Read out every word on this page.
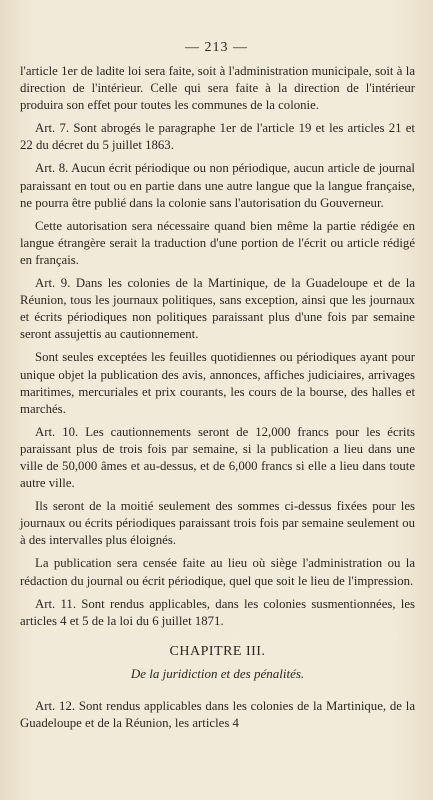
— 213 —

l'article 1er de ladite loi sera faite, soit à l'administration municipale, soit à la direction de l'intérieur. Celle qui sera faite à la direction de l'intérieur produira son effet pour toutes les communes de la colonie.

Art. 7. Sont abrogés le paragraphe 1er de l'article 19 et les articles 21 et 22 du décret du 5 juillet 1863.

Art. 8. Aucun écrit périodique ou non périodique, aucun article de journal paraissant en tout ou en partie dans une autre langue que la langue française, ne pourra être publié dans la colonie sans l'autorisation du Gouverneur.

Cette autorisation sera nécessaire quand bien même la partie rédigée en langue étrangère serait la traduction d'une portion de l'écrit ou article rédigé en français.

Art. 9. Dans les colonies de la Martinique, de la Guadeloupe et de la Réunion, tous les journaux politiques, sans exception, ainsi que les journaux et écrits périodiques non politiques paraissant plus d'une fois par semaine seront assujettis au cautionnement.

Sont seules exceptées les feuilles quotidiennes ou périodiques ayant pour unique objet la publication des avis, annonces, affiches judiciaires, arrivages maritimes, mercuriales et prix courants, les cours de la bourse, des halles et marchés.

Art. 10. Les cautionnements seront de 12,000 francs pour les écrits paraissant plus de trois fois par semaine, si la publication a lieu dans une ville de 50,000 âmes et au-dessus, et de 6,000 francs si elle a lieu dans toute autre ville.

Ils seront de la moitié seulement des sommes ci-dessus fixées pour les journaux ou écrits périodiques paraissant trois fois par semaine seulement ou à des intervalles plus éloignés.

La publication sera censée faite au lieu où siège l'administration ou la rédaction du journal ou écrit périodique, quel que soit le lieu de l'impression.

Art. 11. Sont rendus applicables, dans les colonies susmentionnées, les articles 4 et 5 de la loi du 6 juillet 1871.

CHAPITRE III.
De la juridiction et des pénalités.

Art. 12. Sont rendus applicables dans les colonies de la Martinique, de la Guadeloupe et de la Réunion, les articles 4
